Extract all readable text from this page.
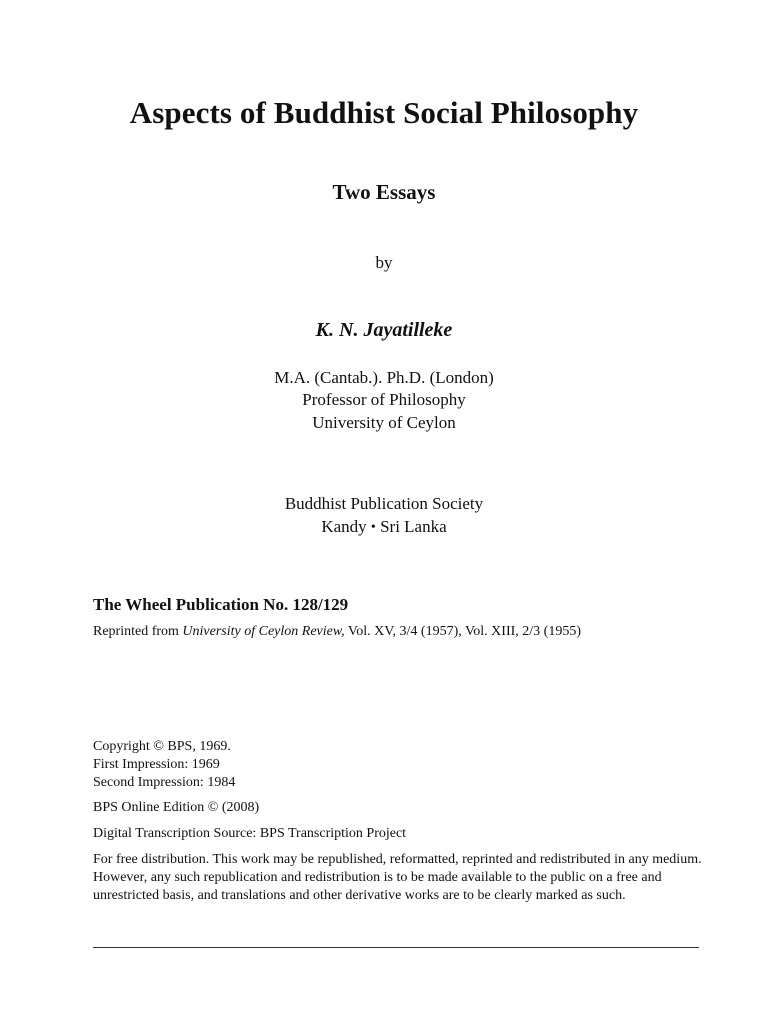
Aspects of Buddhist Social Philosophy
Two Essays
by
K. N. Jayatilleke
M.A. (Cantab.). Ph.D. (London)
Professor of Philosophy
University of Ceylon
Buddhist Publication Society
Kandy • Sri Lanka
The Wheel Publication No. 128/129
Reprinted from University of Ceylon Review, Vol. XV, 3/4 (1957), Vol. XIII, 2/3 (1955)
Copyright © BPS, 1969.
First Impression: 1969
Second Impression: 1984
BPS Online Edition © (2008)
Digital Transcription Source: BPS Transcription Project
For free distribution. This work may be republished, reformatted, reprinted and redistributed in any medium. However, any such republication and redistribution is to be made available to the public on a free and unrestricted basis, and translations and other derivative works are to be clearly marked as such.
